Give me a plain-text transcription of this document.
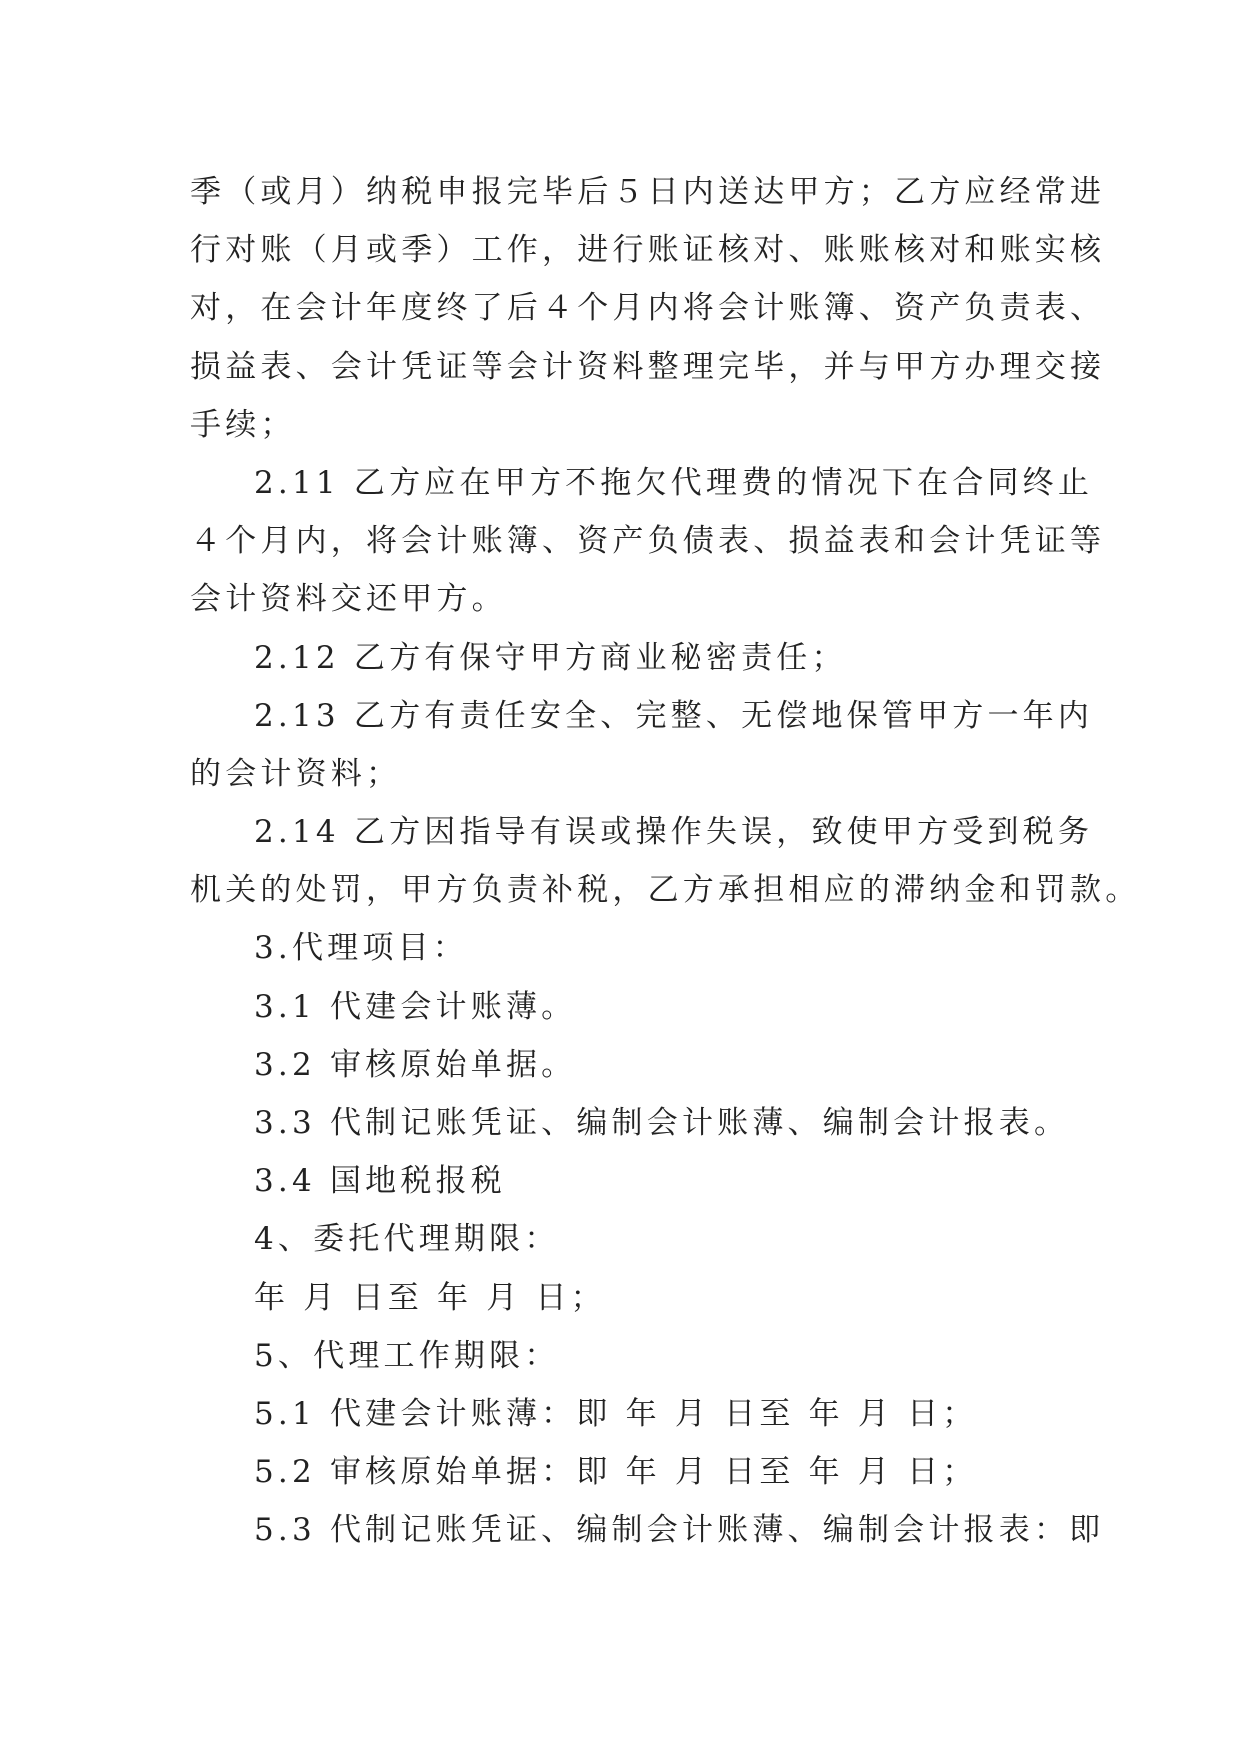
季（或月）纳税申报完毕后５日内送达甲方；乙方应经常进
行对账（月或季）工作，进行账证核对、账账核对和账实核
对，在会计年度终了后４个月内将会计账簿、资产负责表、
损益表、会计凭证等会计资料整理完毕，并与甲方办理交接
手续；
2.11 乙方应在甲方不拖欠代理费的情况下在合同终止
４个月内，将会计账簿、资产负债表、损益表和会计凭证等
会计资料交还甲方。
2.12 乙方有保守甲方商业秘密责任；
2.13 乙方有责任安全、完整、无偿地保管甲方一年内
的会计资料；
2.14 乙方因指导有误或操作失误，致使甲方受到税务
机关的处罚，甲方负责补税，乙方承担相应的滞纳金和罚款。
3.代理项目：
3.1 代建会计账薄。
3.2 审核原始单据。
3.3 代制记账凭证、编制会计账薄、编制会计报表。
3.4 国地税报税
4、委托代理期限：
年 月 日至 年 月 日；
5、代理工作期限：
5.1 代建会计账薄：即 年 月 日至 年 月 日；
5.2 审核原始单据：即 年 月 日至 年 月 日；
5.3 代制记账凭证、编制会计账薄、编制会计报表：即
